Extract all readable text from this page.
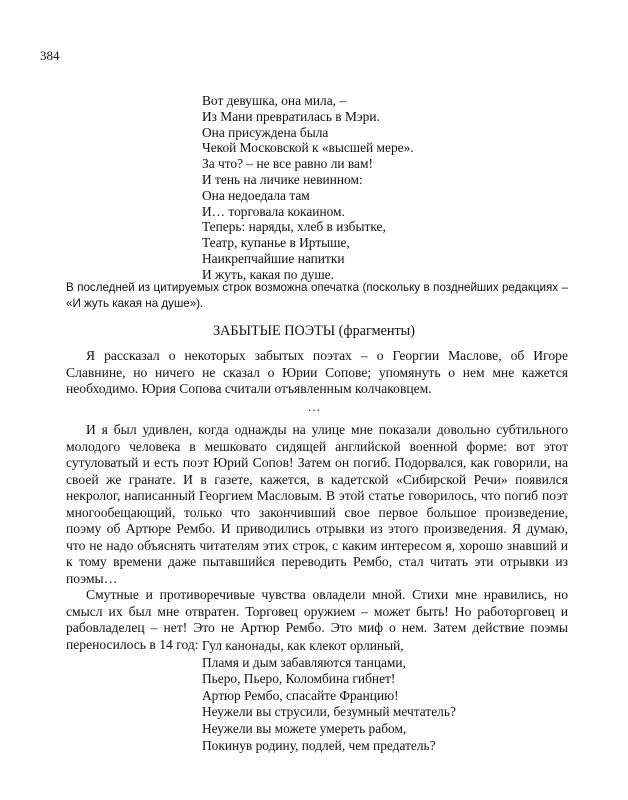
384
Вот девушка, она мила, –
Из Мани превратилась в Мэри.
Она присуждена была
Чекой Московской к «высшей мере».
За что? – не все равно ли вам!
И тень на личике невинном:
Она недоедала там
И… торговала кокаином.
Теперь: наряды, хлеб в избытке,
Театр, купанье в Иртыше,
Наикрепчайшие напитки
И жуть, какая по душе.
В последней из цитируемых строк возможна опечатка (поскольку в позднейших редакциях – «И жуть какая на душе»).
ЗАБЫТЫЕ ПОЭТЫ (фрагменты)

Я рассказал о некоторых забытых поэтах – о Георгии Маслове, об Игоре Славнине, но ничего не сказал о Юрии Сопове; упомянуть о нем мне кажется необходимо. Юрия Сопова считали отъявленным колчаковцем.

…

И я был удивлен, когда однажды на улице мне показали довольно субтильного молодого человека в мешковато сидящей английской военной форме: вот этот сутуловатый и есть поэт Юрий Сопов! Затем он погиб. Подорвался, как говорили, на своей же гранате. И в газете, кажется, в кадетской «Сибирской Речи» появился некролог, написанный Георгием Масловым. В этой статье говорилось, что погиб поэт многообещающий, только что закончивший свое первое большое произведение, поэму об Артюре Рембо. И приводились отрывки из этого произведения. Я думаю, что не надо объяснять читателям этих строк, с каким интересом я, хорошо знавший и к тому времени даже пытавшийся переводить Рембо, стал читать эти отрывки из поэмы…

Смутные и противоречивые чувства овладели мной. Стихи мне нравились, но смысл их был мне отвратен. Торговец оружием – может быть! Но работорговец и рабовладелец – нет! Это не Артюр Рембо. Это миф о нем. Затем действие поэмы переносилось в 14 год: Гул канонады, как клекот орлиный,
Пламя и дым забавляются танцами,
Пьеро, Пьеро, Коломбина гибнет!
Артюр Рембо, спасайте Францию!
Неужели вы струсили, безумный мечтатель?
Неужели вы можете умереть рабом,
Покинув родину, подлей, чем предатель?
